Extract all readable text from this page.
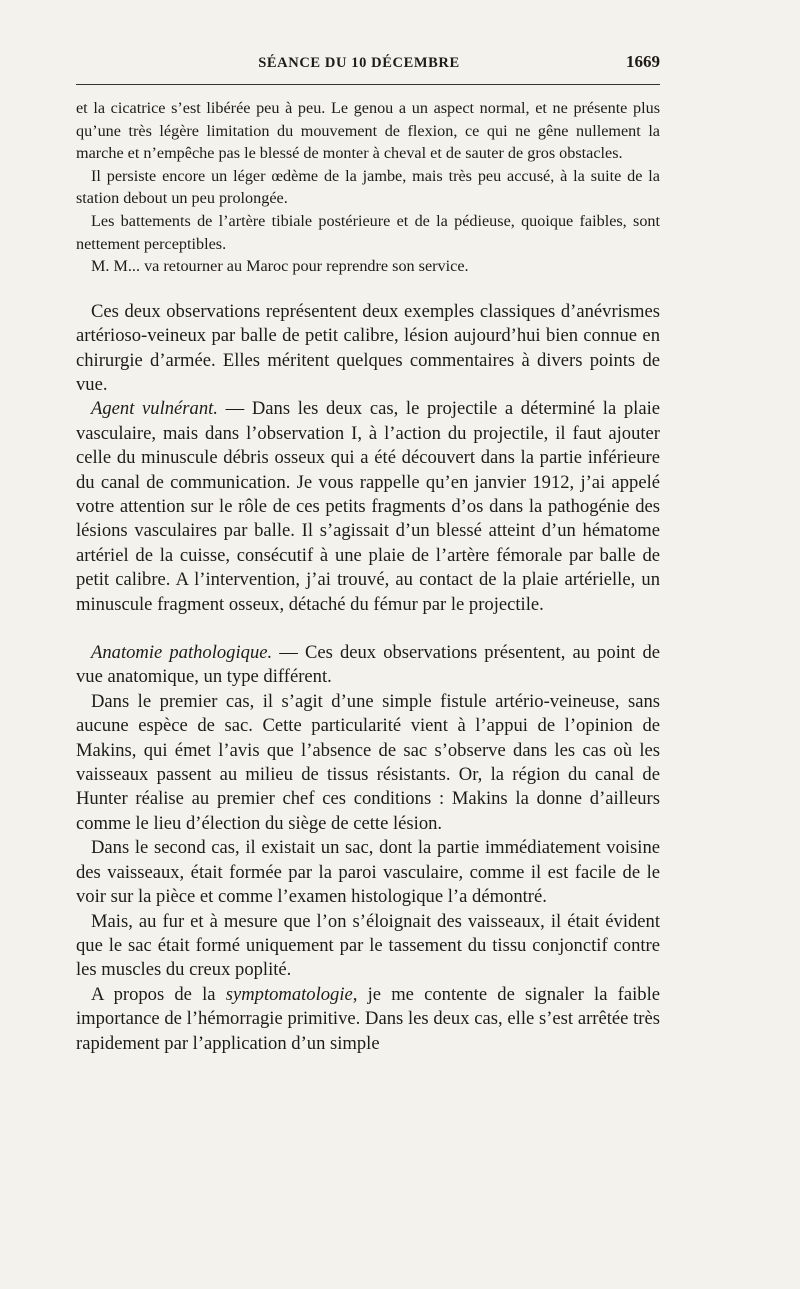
SÉANCE DU 10 DÉCEMBRE	1669

et la cicatrice s’est libérée peu à peu. Le genou a un aspect normal, et ne présente plus qu’une très légère limitation du mouvement de flexion, ce qui ne gêne nullement la marche et n’empêche pas le blessé de monter à cheval et de sauter de gros obstacles.

Il persiste encore un léger œdème de la jambe, mais très peu accusé, à la suite de la station debout un peu prolongée.

Les battements de l’artère tibiale postérieure et de la pédieuse, quoique faibles, sont nettement perceptibles.

M. M... va retourner au Maroc pour reprendre son service.

Ces deux observations représentent deux exemples classiques d’anévrismes artérioso-veineux par balle de petit calibre, lésion aujourd’hui bien connue en chirurgie d’armée. Elles méritent quelques commentaires à divers points de vue.

Agent vulnérant. — Dans les deux cas, le projectile a déterminé la plaie vasculaire, mais dans l’observation I, à l’action du projectile, il faut ajouter celle du minuscule débris osseux qui a été découvert dans la partie inférieure du canal de communication. Je vous rappelle qu’en janvier 1912, j’ai appelé votre attention sur le rôle de ces petits fragments d’os dans la pathogénie des lésions vasculaires par balle. Il s’agissait d’un blessé atteint d’un hématome artériel de la cuisse, consécutif à une plaie de l’artère fémorale par balle de petit calibre. A l’intervention, j’ai trouvé, au contact de la plaie artérielle, un minuscule fragment osseux, détaché du fémur par le projectile.

Anatomie pathologique. — Ces deux observations présentent, au point de vue anatomique, un type différent.

Dans le premier cas, il s’agit d’une simple fistule artério-veineuse, sans aucune espèce de sac. Cette particularité vient à l’appui de l’opinion de Makins, qui émet l’avis que l’absence de sac s’observe dans les cas où les vaisseaux passent au milieu de tissus résistants. Or, la région du canal de Hunter réalise au premier chef ces conditions : Makins la donne d’ailleurs comme le lieu d’élection du siège de cette lésion.

Dans le second cas, il existait un sac, dont la partie immédiatement voisine des vaisseaux, était formée par la paroi vasculaire, comme il est facile de le voir sur la pièce et comme l’examen histologique l’a démontré.

Mais, au fur et à mesure que l’on s’éloignait des vaisseaux, il était évident que le sac était formé uniquement par le tassement du tissu conjonctif contre les muscles du creux poplité.

A propos de la symptomatologie, je me contente de signaler la faible importance de l’hémorragie primitive. Dans les deux cas, elle s’est arrêtée très rapidement par l’application d’un simple
